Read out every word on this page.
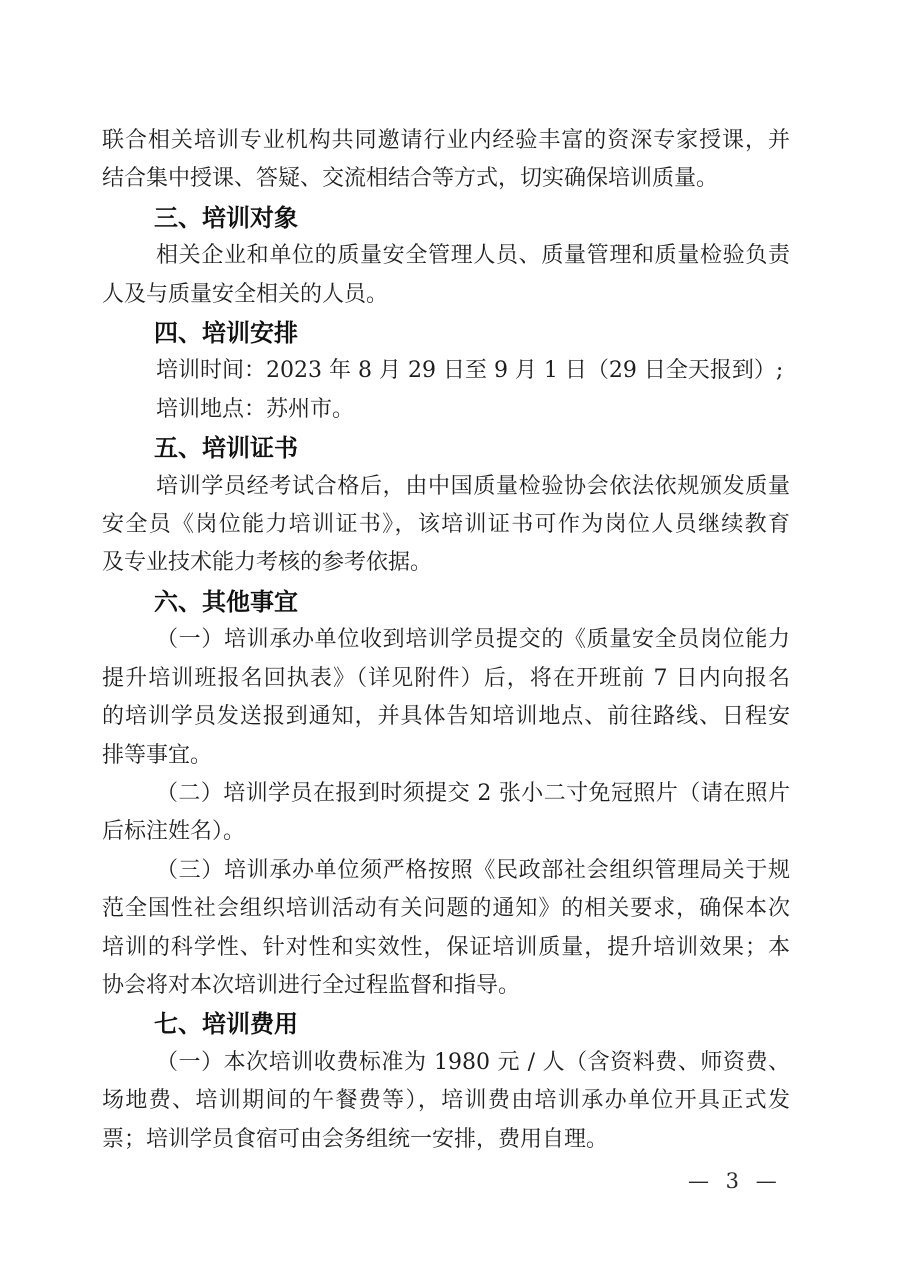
联合相关培训专业机构共同邀请行业内经验丰富的资深专家授课，并
结合集中授课、答疑、交流相结合等方式，切实确保培训质量。
三、培训对象
相关企业和单位的质量安全管理人员、质量管理和质量检验负责
人及与质量安全相关的人员。
四、培训安排
培训时间：2023 年 8 月 29 日至 9 月 1 日（29 日全天报到）;
培训地点：苏州市。
五、培训证书
培训学员经考试合格后，由中国质量检验协会依法依规颁发质量
安全员《岗位能力培训证书》，该培训证书可作为岗位人员继续教育
及专业技术能力考核的参考依据。
六、其他事宜
（一）培训承办单位收到培训学员提交的《质量安全员岗位能力
提升培训班报名回执表》（详见附件）后，将在开班前 7 日内向报名
的培训学员发送报到通知，并具体告知培训地点、前往路线、日程安
排等事宜。
（二）培训学员在报到时须提交 2 张小二寸免冠照片（请在照片
后标注姓名）。
（三）培训承办单位须严格按照《民政部社会组织管理局关于规
范全国性社会组织培训活动有关问题的通知》的相关要求，确保本次
培训的科学性、针对性和实效性，保证培训质量，提升培训效果；本
协会将对本次培训进行全过程监督和指导。
七、培训费用
（一）本次培训收费标准为 1980 元 / 人（含资料费、师资费、
场地费、培训期间的午餐费等），培训费由培训承办单位开具正式发
票；培训学员食宿可由会务组统一安排，费用自理。
— 3 —
